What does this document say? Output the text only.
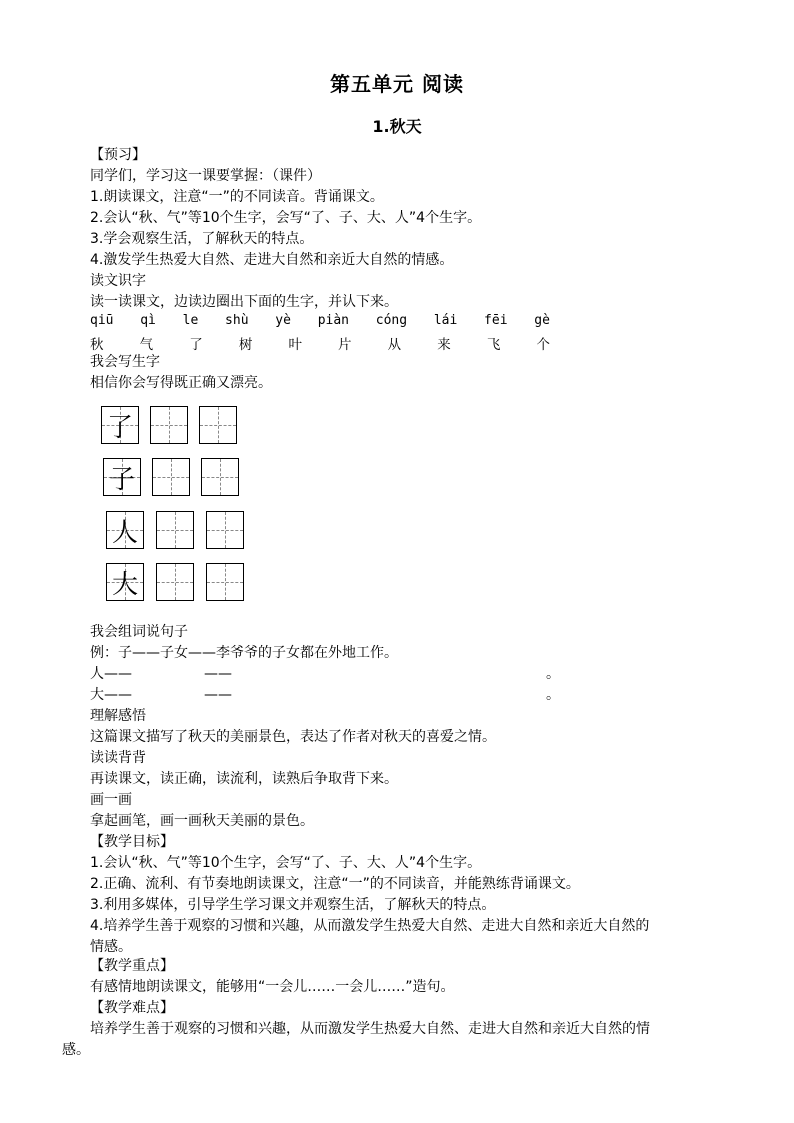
第五单元 阅读
1.秋天
【预习】
同学们，学习这一课要掌握：（课件）
1.朗读课文，注意“一”的不同读音。背诵课文。
2.会认“秋、气”等10个生字，会写“了、子、大、人”4个生字。
3.学会观察生活，了解秋天的特点。
4.激发学生热爱大自然、走进大自然和亲近大自然的情感。
读文识字
读一读课文，边读边圈出下面的生字，并认下来。
qiū qì le shù yè piàn cóng lái fēi gè
秋	气	了	树	叶	片	从	来	飞	个
我会写生字
相信你会写得既正确又漂亮。
了
子
人
大
我会组词说句子
例：子——子女——李爷爷的子女都在外地工作。
人——	——	。
大——	——	。
理解感悟
这篇课文描写了秋天的美丽景色，表达了作者对秋天的喜爱之情。
读读背背
再读课文，读正确，读流利，读熟后争取背下来。
画一画
拿起画笔，画一画秋天美丽的景色。
【教学目标】
1.会认“秋、气”等10个生字，会写“了、子、大、人”4个生字。
2.正确、流利、有节奏地朗读课文，注意“一”的不同读音，并能熟练背诵课文。
3.利用多媒体，引导学生学习课文并观察生活，了解秋天的特点。
4.培养学生善于观察的习惯和兴趣，从而激发学生热爱大自然、走进大自然和亲近大自然的
情感。
【教学重点】
有感情地朗读课文，能够用“一会儿……一会儿……”造句。
【教学难点】
培养学生善于观察的习惯和兴趣，从而激发学生热爱大自然、走进大自然和亲近大自然的情
感。
